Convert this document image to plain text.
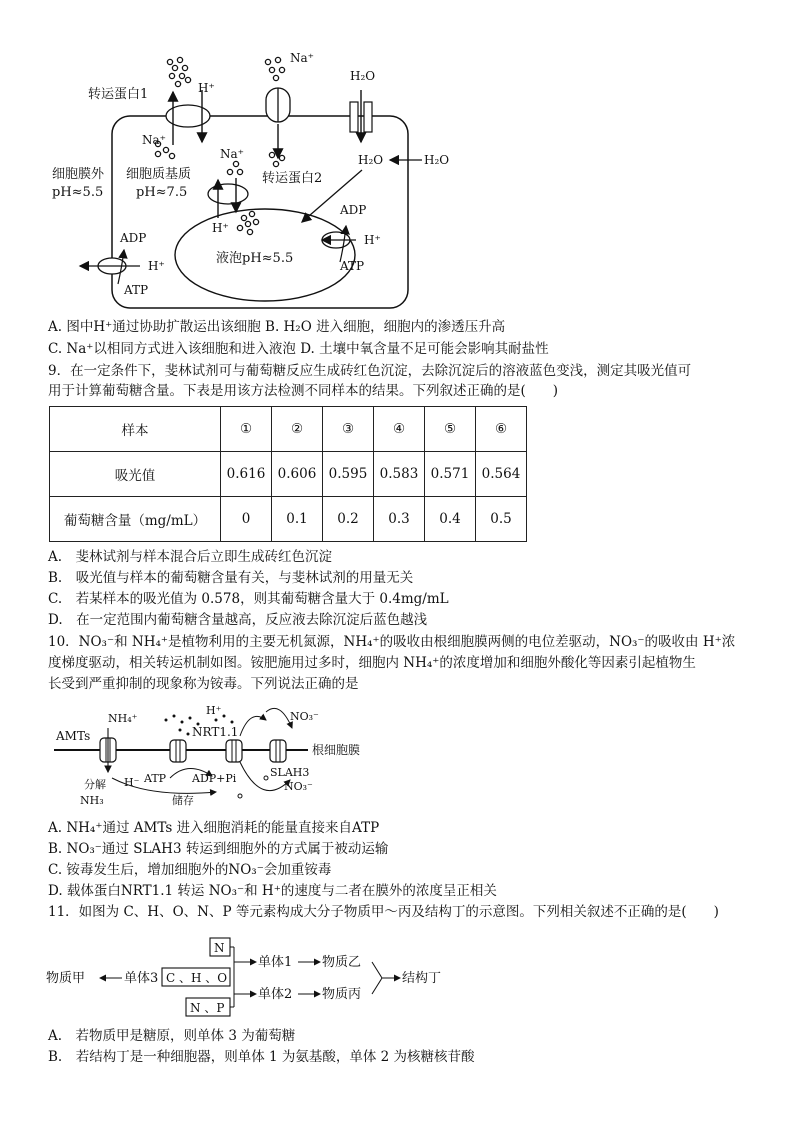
液泡pH≈5.5
转运蛋白1	H⁺
Na⁺
Na⁺
H₂O
H₂O	H₂O
细胞膜外
pH≈5.5
细胞质基质
pH≈7.5
转运蛋白2
Na⁺
H⁺
ADP
ATP
H⁺
ADP
ATP
H⁺
A. 图中H⁺通过协助扩散运出该细胞 B. H₂O 进入细胞，细胞内的渗透压升高
C. Na⁺以相同方式进入该细胞和进入液泡 D. 土壤中氧含量不足可能会影响其耐盐性
9．在一定条件下，斐林试剂可与葡萄糖反应生成砖红色沉淀，去除沉淀后的溶液蓝色变浅，测定其吸光值可
用于计算葡萄糖含量。下表是用该方法检测不同样本的结果。下列叙述正确的是(　　)
样本	①	②	③	④	⑤	⑥
吸光值	0.616	0.606	0.595	0.583	0.571	0.564
葡萄糖含量（mg/mL）	0	0.1	0.2	0.3	0.4	0.5
A.　斐林试剂与样本混合后立即生成砖红色沉淀
B.　吸光值与样本的葡萄糖含量有关，与斐林试剂的用量无关
C.　若某样本的吸光值为 0.578，则其葡萄糖含量大于 0.4mg/mL
D.　在一定范围内葡萄糖含量越高，反应液去除沉淀后蓝色越浅
10．NO₃⁻和 NH₄⁺是植物利用的主要无机氮源，NH₄⁺的吸收由根细胞膜两侧的电位差驱动，NO₃⁻的吸收由 H⁺浓
度梯度驱动，相关转运机制如图。铵肥施用过多时，细胞内 NH₄⁺的浓度增加和细胞外酸化等因素引起植物生
长受到严重抑制的现象称为铵毒。下列说法正确的是
根细胞膜
AMTs
NH₄⁺
NRT1.1
SLAH3
H⁺	NO₃⁻
分解 H⁻
NH₃
ATP ADP+Pi
储存
NO₃⁻
A. NH₄⁺通过 AMTs 进入细胞消耗的能量直接来自ATP
B. NO₃⁻通过 SLAH3 转运到细胞外的方式属于被动运输
C. 铵毒发生后，增加细胞外的NO₃⁻会加重铵毒
D. 载体蛋白NRT1.1 转运 NO₃⁻和 H⁺的速度与二者在膜外的浓度呈正相关
11．如图为 C、H、O、N、P 等元素构成大分子物质甲～丙及结构丁的示意图。下列相关叙述不正确的是(　　)
N
C 、H 、O
N 、P
物质甲	单体3
单体1 物质乙
单体2 物质丙
结构丁
A.　若物质甲是糖原，则单体 3 为葡萄糖
B.　若结构丁是一种细胞器，则单体 1 为氨基酸，单体 2 为核糖核苷酸
